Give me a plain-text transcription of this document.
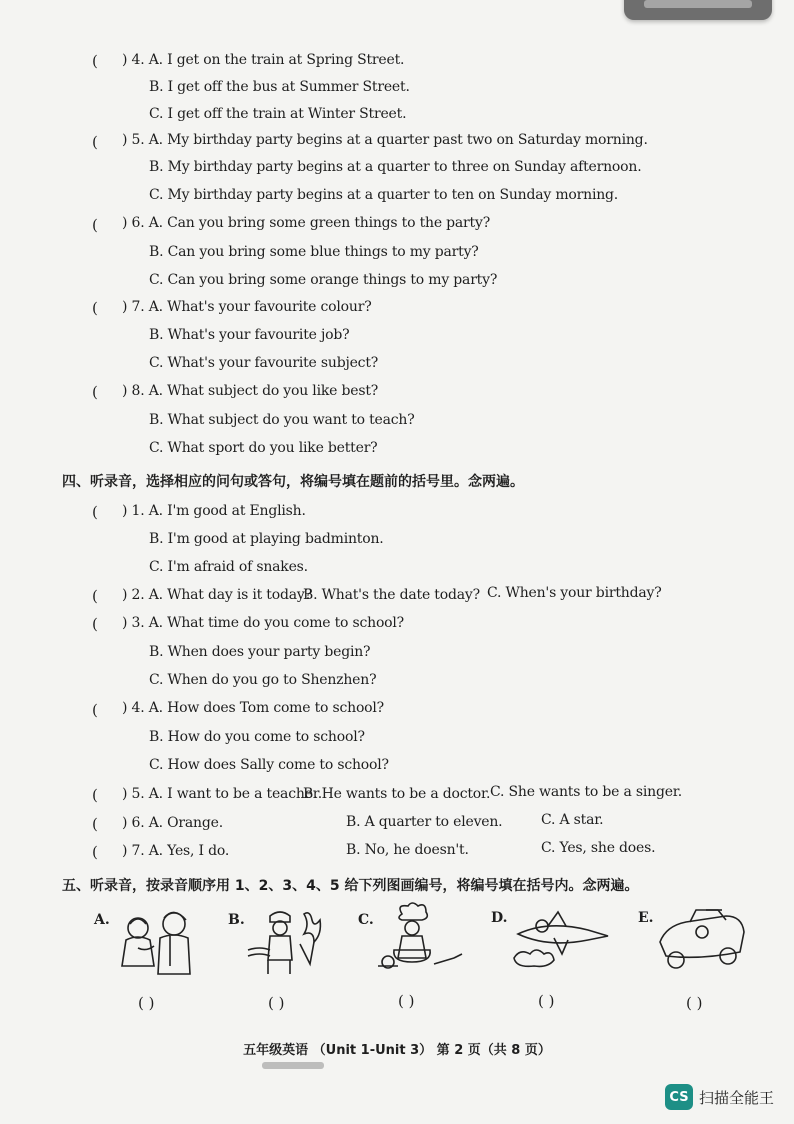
( ) 4. A. I get on the train at Spring Street.
B. I get off the bus at Summer Street.
C. I get off the train at Winter Street.
( ) 5. A. My birthday party begins at a quarter past two on Saturday morning.
B. My birthday party begins at a quarter to three on Sunday afternoon.
C. My birthday party begins at a quarter to ten on Sunday morning.
( ) 6. A. Can you bring some green things to the party?
B. Can you bring some blue things to my party?
C. Can you bring some orange things to my party?
( ) 7. A. What's your favourite colour?
B. What's your favourite job?
C. What's your favourite subject?
( ) 8. A. What subject do you like best?
B. What subject do you want to teach?
C. What sport do you like better?
四、听录音，选择相应的问句或答句，将编号填在题前的括号里。念两遍。
( ) 1. A. I'm good at English.
B. I'm good at playing badminton.
C. I'm afraid of snakes.
( ) 2. A. What day is it today?
B. What's the date today? C. When's your birthday?
( ) 3. A. What time do you come to school?
B. When does your party begin?
C. When do you go to Shenzhen?
( ) 4. A. How does Tom come to school?
B. How do you come to school?
C. How does Sally come to school?
( ) 5. A. I want to be a teacher.
B. He wants to be a doctor. C. She wants to be a singer.
( ) 6. A. Orange.	B. A quarter to eleven.	C. A star.
( ) 7. A. Yes, I do.	B. No, he doesn't.	C. Yes, she does.
五、听录音，按录音顺序用 1、2、3、4、5 给下列图画编号，将编号填在括号内。念两遍。
A.
( )
B.
( )
C.
( )
D.
( )
E.
( )
五年级英语 （Unit 1-Unit 3） 第 2 页（共 8 页）
CS 扫描全能王
